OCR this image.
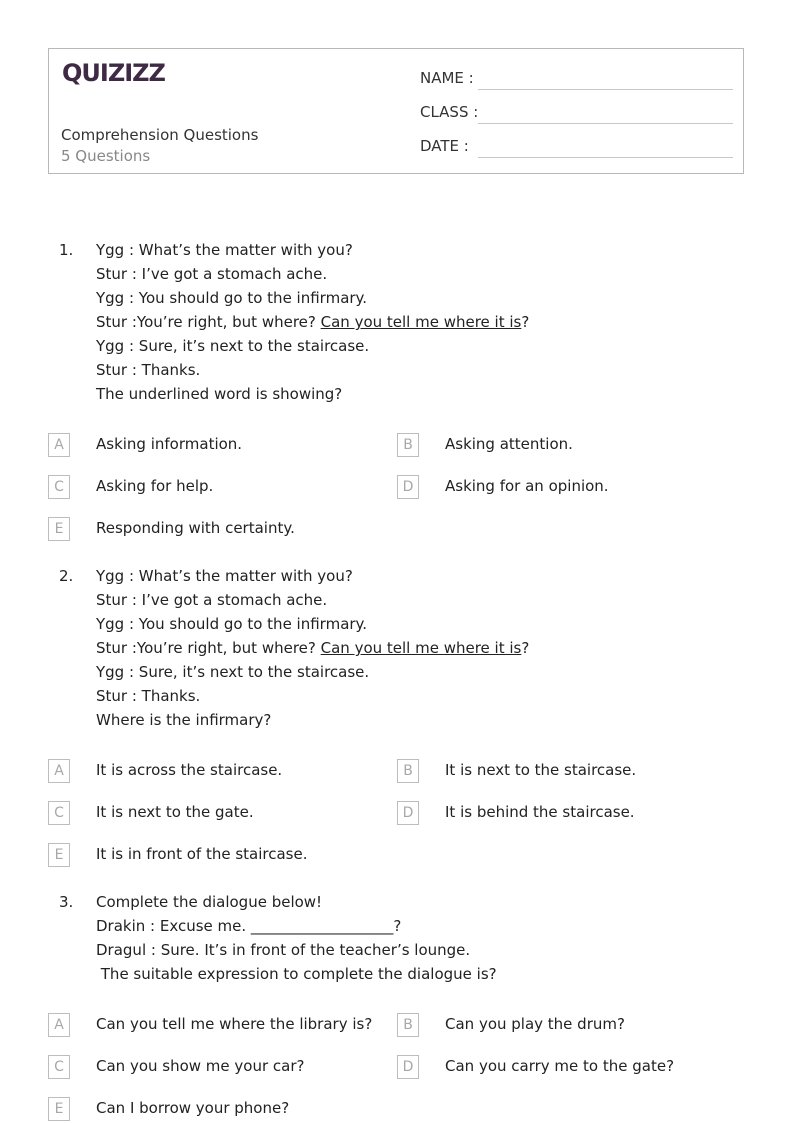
QUIZIZZ
Comprehension Questions
5 Questions
NAME :
CLASS :
DATE :
1. Ygg : What’s the matter with you?
Stur : I’ve got a stomach ache.
Ygg : You should go to the infirmary.
Stur :You’re right, but where? Can you tell me where it is?
Ygg : Sure, it’s next to the staircase.
Stur : Thanks.
The underlined word is showing?
A	Asking information.	B	Asking attention.
C	Asking for help.	D	Asking for an opinion.
E	Responding with certainty.
2. Ygg : What’s the matter with you?
Stur : I’ve got a stomach ache.
Ygg : You should go to the infirmary.
Stur :You’re right, but where? Can you tell me where it is?
Ygg : Sure, it’s next to the staircase.
Stur : Thanks.
Where is the infirmary?
A	It is across the staircase.	B	It is next to the staircase.
C	It is next to the gate.	D	It is behind the staircase.
E	It is in front of the staircase.
3. Complete the dialogue below!
Drakin : Excuse me. ___________________?
Dragul : Sure. It’s in front of the teacher’s lounge.
The suitable expression to complete the dialogue is?
A	Can you tell me where the library is?	B	Can you play the drum?
C	Can you show me your car?	D	Can you carry me to the gate?
E	Can I borrow your phone?
